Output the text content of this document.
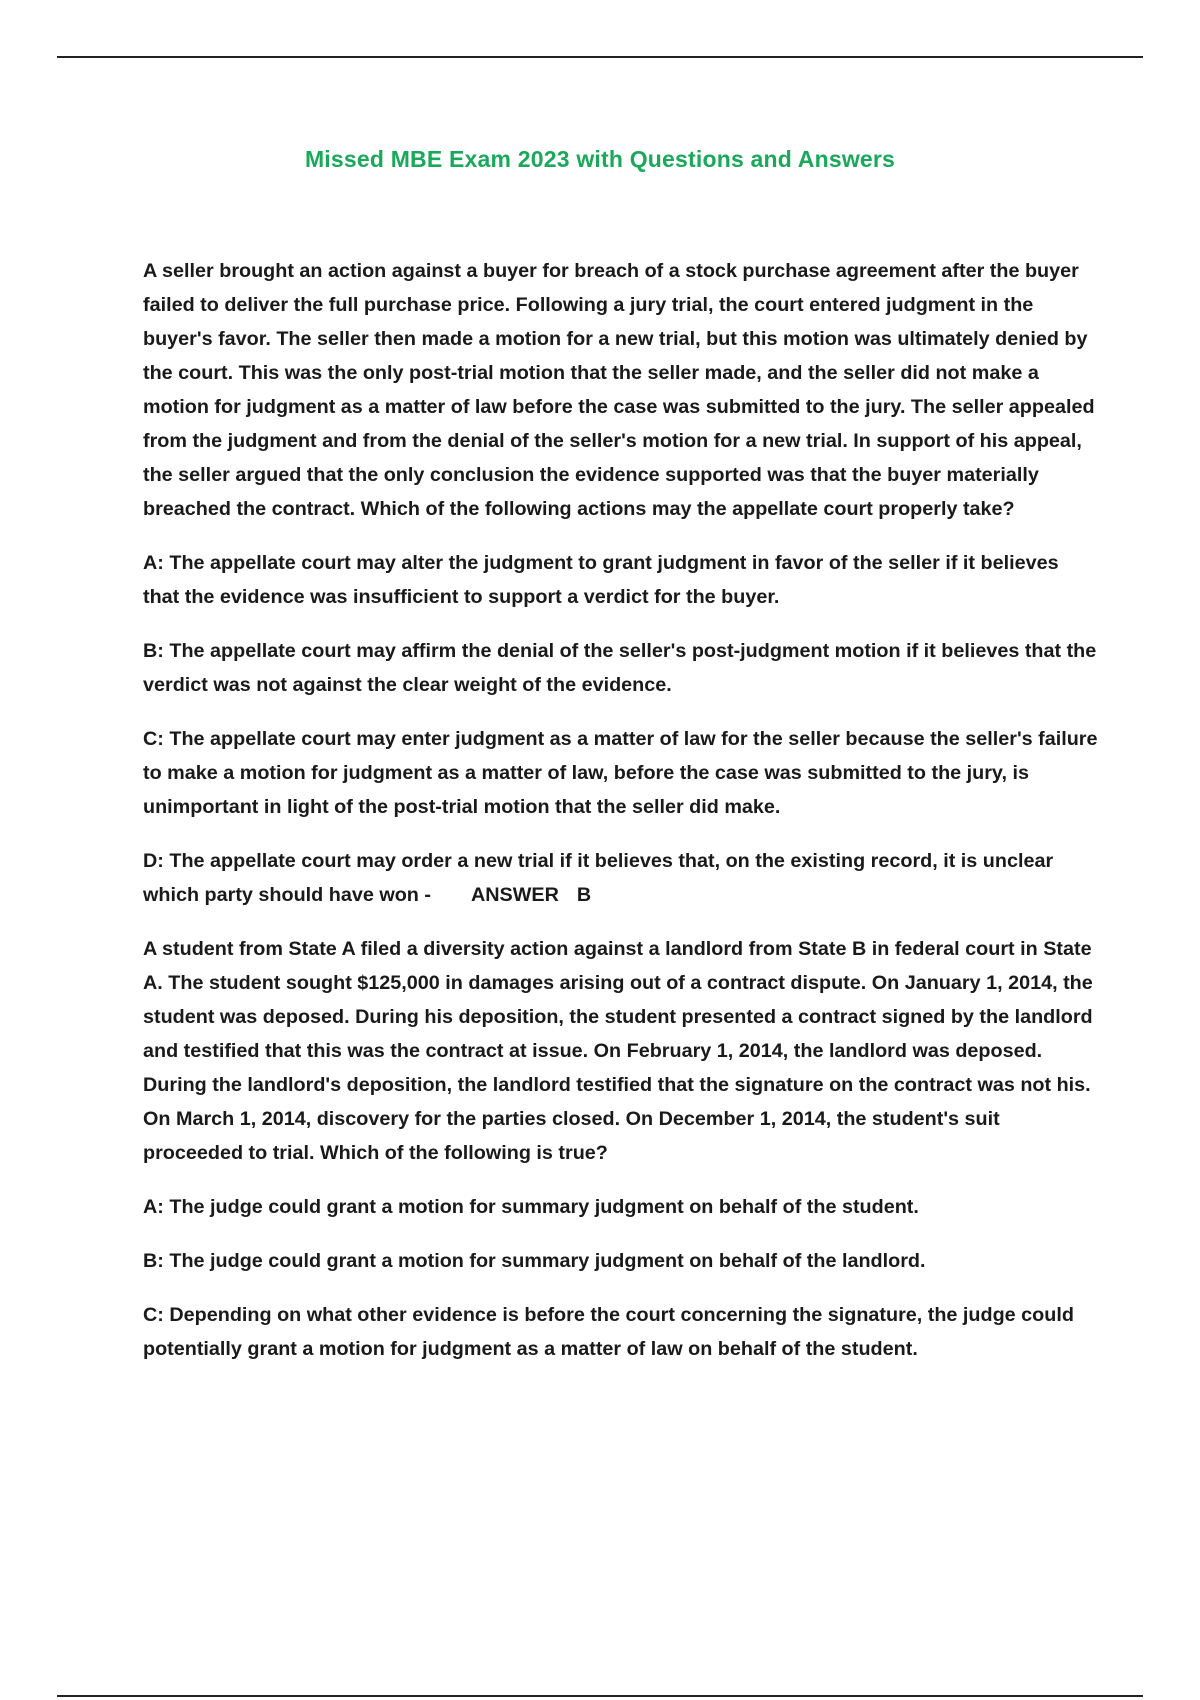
Missed MBE Exam 2023 with Questions and Answers

A seller brought an action against a buyer for breach of a stock purchase agreement after the buyer failed to deliver the full purchase price. Following a jury trial, the court entered judgment in the buyer's favor. The seller then made a motion for a new trial, but this motion was ultimately denied by the court. This was the only post-trial motion that the seller made, and the seller did not make a motion for judgment as a matter of law before the case was submitted to the jury. The seller appealed from the judgment and from the denial of the seller's motion for a new trial. In support of his appeal, the seller argued that the only conclusion the evidence supported was that the buyer materially breached the contract. Which of the following actions may the appellate court properly take?

A: The appellate court may alter the judgment to grant judgment in favor of the seller if it believes that the evidence was insufficient to support a verdict for the buyer.

B: The appellate court may affirm the denial of the seller's post-judgment motion if it believes that the verdict was not against the clear weight of the evidence.

C: The appellate court may enter judgment as a matter of law for the seller because the seller's failure to make a motion for judgment as a matter of law, before the case was submitted to the jury, is unimportant in light of the post-trial motion that the seller did make.

D: The appellate court may order a new trial if it believes that, on the existing record, it is unclear which party should have won - ANSWER B

A student from State A filed a diversity action against a landlord from State B in federal court in State A. The student sought $125,000 in damages arising out of a contract dispute. On January 1, 2014, the student was deposed. During his deposition, the student presented a contract signed by the landlord and testified that this was the contract at issue. On February 1, 2014, the landlord was deposed. During the landlord's deposition, the landlord testified that the signature on the contract was not his. On March 1, 2014, discovery for the parties closed. On December 1, 2014, the student's suit proceeded to trial. Which of the following is true?

A: The judge could grant a motion for summary judgment on behalf of the student.

B: The judge could grant a motion for summary judgment on behalf of the landlord.

C: Depending on what other evidence is before the court concerning the signature, the judge could potentially grant a motion for judgment as a matter of law on behalf of the student.
